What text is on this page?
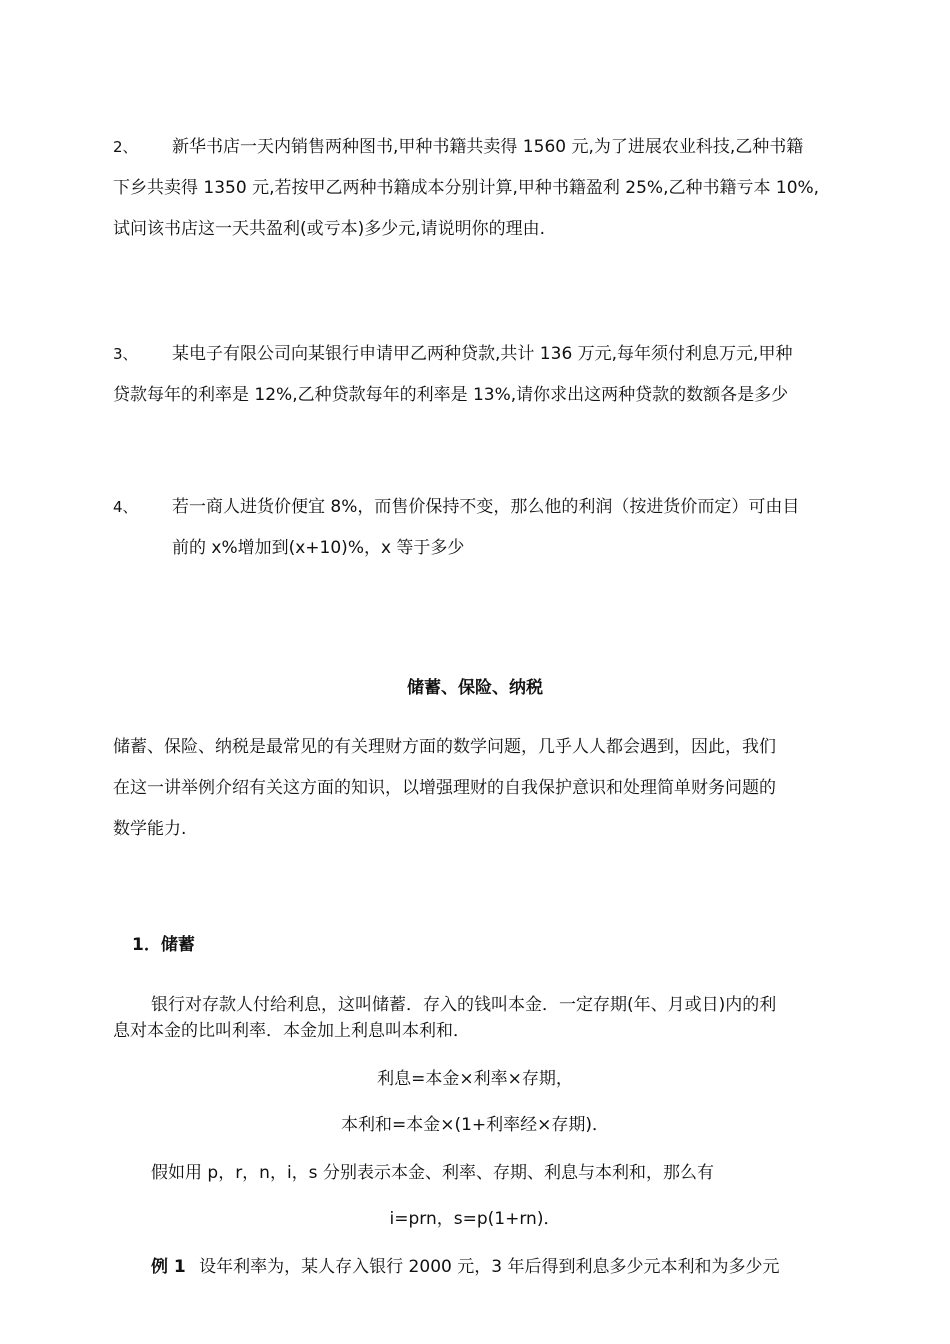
2、 新华书店一天内销售两种图书,甲种书籍共卖得 1560 元,为了进展农业科技,乙种书籍
下乡共卖得 1350 元,若按甲乙两种书籍成本分别计算,甲种书籍盈利 25%,乙种书籍亏本 10%,
试问该书店这一天共盈利(或亏本)多少元,请说明你的理由.
3、 某电子有限公司向某银行申请甲乙两种贷款,共计 136 万元,每年须付利息万元,甲种
贷款每年的利率是 12%,乙种贷款每年的利率是 13%,请你求出这两种贷款的数额各是多少
4、 若一商人进货价便宜 8%，而售价保持不变，那么他的利润（按进货价而定）可由目
前的 x%增加到(x+10)%，x 等于多少
储蓄、保险、纳税
储蓄、保险、纳税是最常见的有关理财方面的数学问题，几乎人人都会遇到，因此，我们
在这一讲举例介绍有关这方面的知识，以增强理财的自我保护意识和处理简单财务问题的
数学能力.
1．储蓄
银行对存款人付给利息，这叫储蓄．存入的钱叫本金．一定存期(年、月或日)内的利
息对本金的比叫利率．本金加上利息叫本利和．
利息=本金×利率×存期，
本利和=本金×(1+利率经×存期)．
假如用 p，r，n，i，s 分别表示本金、利率、存期、利息与本利和，那么有
i=prn，s=p(1+rn)．
例 1 设年利率为，某人存入银行 2000 元，3 年后得到利息多少元本利和为多少元
